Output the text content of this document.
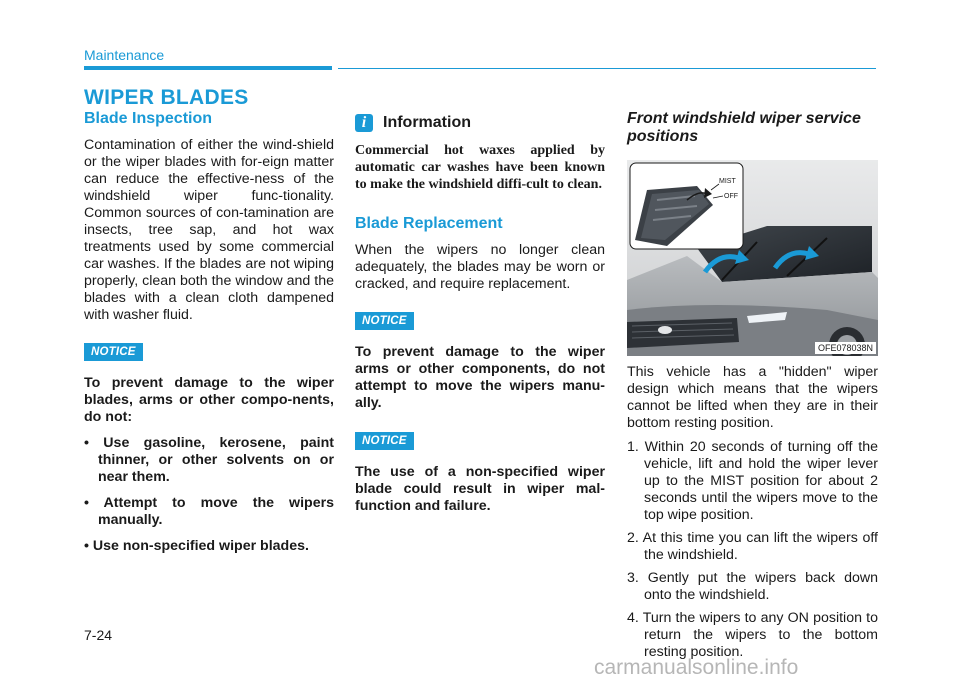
Maintenance
WIPER BLADES
Blade Inspection

Contamination of either the wind-shield or the wiper blades with for-eign matter can reduce the effective-ness of the windshield wiper func-tionality. Common sources of con-tamination are insects, tree sap, and hot wax treatments used by some commercial car washes. If the blades are not wiping properly, clean both the window and the blades with a clean cloth dampened with washer fluid.

NOTICE

To prevent damage to the wiper blades, arms or other compo-nents, do not:

• Use gasoline, kerosene, paint thinner, or other solvents on or near them.
• Attempt to move the wipers manually.
• Use non-specified wiper blades.
i	Information

Commercial hot waxes applied by automatic car washes have been known to make the windshield diffi-cult to clean.

Blade Replacement

When the wipers no longer clean adequately, the blades may be worn or cracked, and require replacement.

NOTICE

To prevent damage to the wiper arms or other components, do not attempt to move the wipers manu-ally.

NOTICE

The use of a non-specified wiper blade could result in wiper mal-function and failure.

Front windshield wiper service positions
MIST
OFF
OFE078038N

This vehicle has a "hidden" wiper design which means that the wipers cannot be lifted when they are in their bottom resting position.

1. Within 20 seconds of turning off the vehicle, lift and hold the wiper lever up to the MIST position for about 2 seconds until the wipers move to the top wipe position.
2. At this time you can lift the wipers off the windshield.
3. Gently put the wipers back down onto the windshield.
4. Turn the wipers to any ON position to return the wipers to the bottom resting position.
7-24
carmanualsonline.info
